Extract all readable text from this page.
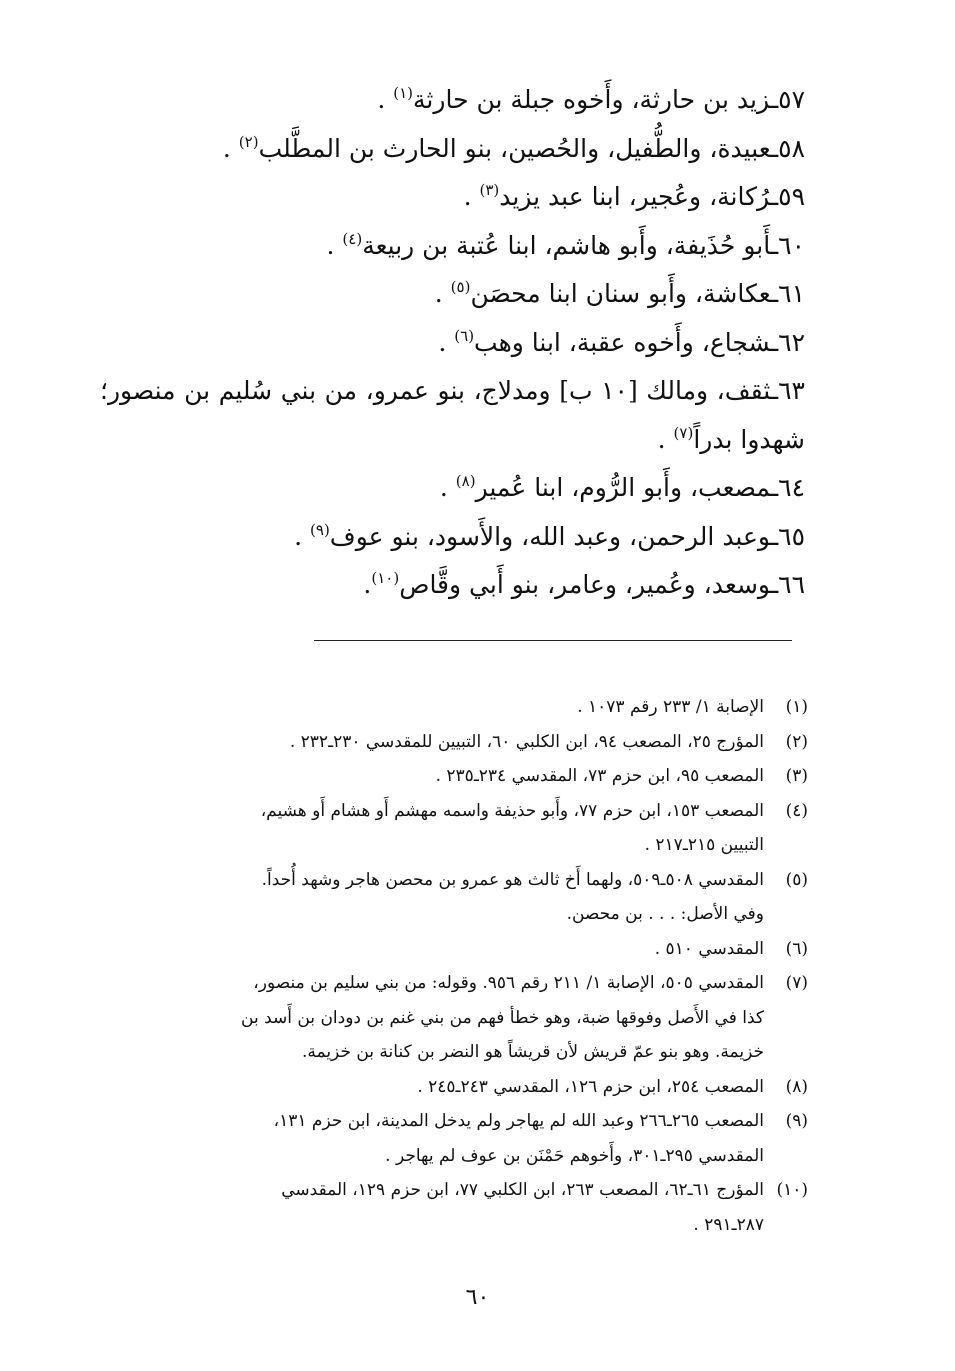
٥٧ـزيد بن حارثة، وأَخوه جبلة بن حارثة$^{(١)}$ .

٥٨ـعبيدة، والطُّفيل، والحُصين، بنو الحارث بن المطَّلب$^{(٢)}$ .

٥٩ـرُكانة، وعُجير، ابنا عبد يزيد$^{(٣)}$ .

٦٠ـأَبو حُذَيفة، وأَبو هاشم، ابنا عُتبة بن ربيعة$^{(٤)}$ .

٦١ـعكاشة، وأَبو سنان ابنا محصَن$^{(٥)}$ .

٦٢ـشجاع، وأَخوه عقبة، ابنا وهب$^{(٦)}$ .

٦٣ـثقف، ومالك [١٠ ب] ومدلاج، بنو عمرو، من بني سُليم بن منصور؛ شهدوا بدراً$^{(٧)}$ .

٦٤ـمصعب، وأَبو الرُّوم، ابنا عُمير$^{(٨)}$ .

٦٥ـوعبد الرحمن، وعبد الله، والأَسود، بنو عوف$^{(٩)}$ .

٦٦ـوسعد، وعُمير، وعامر، بنو أَبي وقَّاص$^{(١٠)}$.

(١)
الإصابة ١/ ٢٣٣ رقم ١٠٧٣ .
(٢)
المؤرج ٢٥، المصعب ٩٤، ابن الكلبي ٦٠، التبيين للمقدسي ٢٣٠ـ٢٣٢ .
(٣)
المصعب ٩٥، ابن حزم ٧٣، المقدسي ٢٣٤ـ٢٣٥ .
(٤)
المصعب ١٥٣، ابن حزم ٧٧، وأَبو حذيفة واسمه مهشم أَو هشام أَو هشيم،
التبيين ٢١٥ـ٢١٧ .
(٥)
المقدسي ٥٠٨ـ٥٠٩، ولهما أَخ ثالث هو عمرو بن محصن هاجر وشهد أُحداً.
وفي الأصل: . . . بن محصن.
(٦)
المقدسي ٥١٠ .
(٧)
المقدسي ٥٠٥، الإصابة ١/ ٢١١ رقم ٩٥٦. وقوله: من بني سليم بن منصور،
كذا في الأَصل وفوقها ضبة، وهو خطأ فهم من بني غنم بن دودان بن أَسد بن
خزيمة. وهو بنو عمّ قريش لأن قريشاً هو النضر بن كنانة بن خزيمة.
(٨)
المصعب ٢٥٤، ابن حزم ١٢٦، المقدسي ٢٤٣ـ٢٤٥ .
(٩)
المصعب ٢٦٥ـ٢٦٦ وعبد الله لم يهاجر ولم يدخل المدينة، ابن حزم ١٣١،
المقدسي ٢٩٥ـ٣٠١، وأَخوهم حَمْنَن بن عوف لم يهاجر .
(١٠)
المؤرج ٦١ـ٦٢، المصعب ٢٦٣، ابن الكلبي ٧٧، ابن حزم ١٢٩، المقدسي
٢٨٧ـ٢٩١ .
٦٠
